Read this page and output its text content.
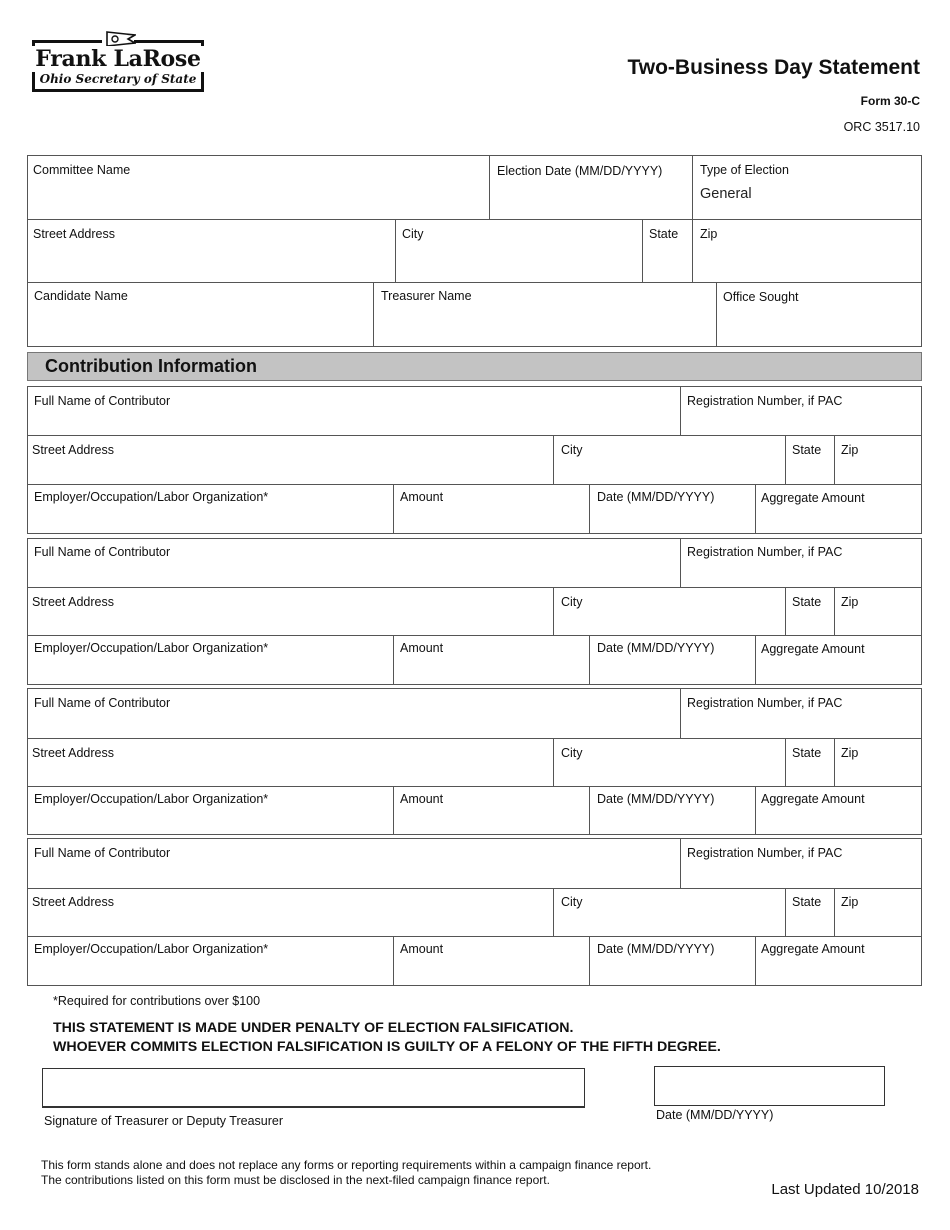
Frank LaRose
Ohio Secretary of State	Two-Business Day Statement
Form 30-C
ORC 3517.10
Committee Name	Election Date (MM/DD/YYYY)	Type of Election
General
Street Address	City	State Zip
Candidate Name	Treasurer Name	Office Sought
Contribution Information
Full Name of Contributor	Registration Number, if PAC
Street Address	City	State Zip
Employer/Occupation/Labor Organization*	Amount	Date (MM/DD/YYYY)	Aggregate Amount
Full Name of Contributor	Registration Number, if PAC
Street Address	City	State Zip
Employer/Occupation/Labor Organization*	Amount	Date (MM/DD/YYYY)	Aggregate Amount
Full Name of Contributor	Registration Number, if PAC
Street Address	City	State Zip
Employer/Occupation/Labor Organization*	Amount	Date (MM/DD/YYYY)	Aggregate Amount
Full Name of Contributor	Registration Number, if PAC
Street Address	City	State Zip
Employer/Occupation/Labor Organization*	Amount	Date (MM/DD/YYYY)	Aggregate Amount
*Required for contributions over $100
THIS STATEMENT IS MADE UNDER PENALTY OF ELECTION FALSIFICATION.
WHOEVER COMMITS ELECTION FALSIFICATION IS GUILTY OF A FELONY OF THE FIFTH DEGREE.
Signature of Treasurer or Deputy Treasurer	Date (MM/DD/YYYY)
This form stands alone and does not replace any forms or reporting requirements within a campaign finance report.
The contributions listed on this form must be disclosed in the next-filed campaign finance report.
Last Updated 10/2018
